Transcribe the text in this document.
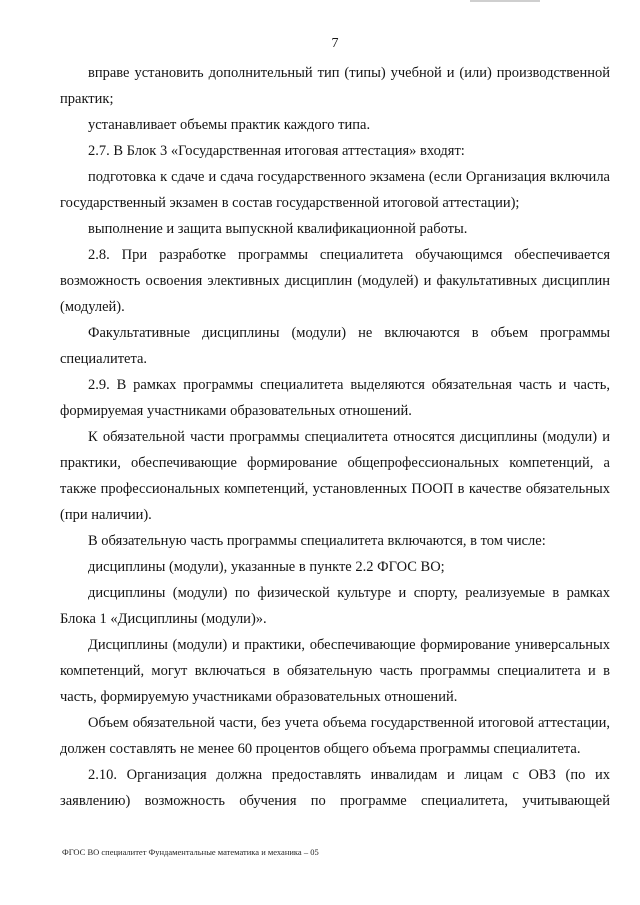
7

вправе установить дополнительный тип (типы) учебной и (или) производственной практик;

устанавливает объемы практик каждого типа.

2.7. В Блок 3 «Государственная итоговая аттестация» входят:

подготовка к сдаче и сдача государственного экзамена (если Организация включила государственный экзамен в состав государственной итоговой аттестации);

выполнение и защита выпускной квалификационной работы.

2.8. При разработке программы специалитета обучающимся обеспечивается возможность освоения элективных дисциплин (модулей) и факультативных дисциплин (модулей).

Факультативные дисциплины (модули) не включаются в объем программы специалитета.

2.9. В рамках программы специалитета выделяются обязательная часть и часть, формируемая участниками образовательных отношений.

К обязательной части программы специалитета относятся дисциплины (модули) и практики, обеспечивающие формирование общепрофессиональных компетенций, а также профессиональных компетенций, установленных ПООП в качестве обязательных (при наличии).

В обязательную часть программы специалитета включаются, в том числе:

дисциплины (модули), указанные в пункте 2.2 ФГОС ВО;

дисциплины (модули) по физической культуре и спорту, реализуемые в рамках Блока 1 «Дисциплины (модули)».

Дисциплины (модули) и практики, обеспечивающие формирование универсальных компетенций, могут включаться в обязательную часть программы специалитета и в часть, формируемую участниками образовательных отношений.

Объем обязательной части, без учета объема государственной итоговой аттестации, должен составлять не менее 60 процентов общего объема программы специалитета.

2.10. Организация должна предоставлять инвалидам и лицам с ОВЗ (по их заявлению) возможность обучения по программе специалитета, учитывающей

ФГОС ВО специалитет Фундаментальные математика и механика – 05
